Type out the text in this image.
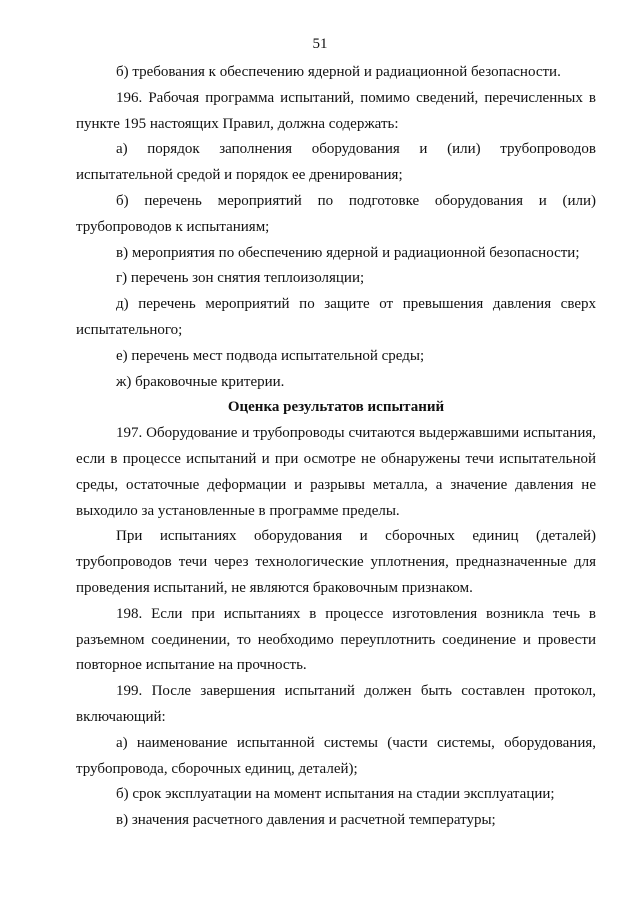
51

б) требования к обеспечению ядерной и радиационной безопасности.

196. Рабочая программа испытаний, помимо сведений, перечисленных в пункте 195 настоящих Правил, должна содержать:

а) порядок заполнения оборудования и (или) трубопроводов испытательной средой и порядок ее дренирования;

б) перечень мероприятий по подготовке оборудования и (или) трубопроводов к испытаниям;

в) мероприятия по обеспечению ядерной и радиационной безопасности;

г) перечень зон снятия теплоизоляции;

д) перечень мероприятий по защите от превышения давления сверх испытательного;

е) перечень мест подвода испытательной среды;

ж) браковочные критерии.

Оценка результатов испытаний

197. Оборудование и трубопроводы считаются выдержавшими испытания, если в процессе испытаний и при осмотре не обнаружены течи испытательной среды, остаточные деформации и разрывы металла, а значение давления не выходило за установленные в программе пределы.

При испытаниях оборудования и сборочных единиц (деталей) трубопроводов течи через технологические уплотнения, предназначенные для проведения испытаний, не являются браковочным признаком.

198. Если при испытаниях в процессе изготовления возникла течь в разъемном соединении, то необходимо переуплотнить соединение и провести повторное испытание на прочность.

199. После завершения испытаний должен быть составлен протокол, включающий:

а) наименование испытанной системы (части системы, оборудования, трубопровода, сборочных единиц, деталей);

б) срок эксплуатации на момент испытания на стадии эксплуатации;

в) значения расчетного давления и расчетной температуры;
